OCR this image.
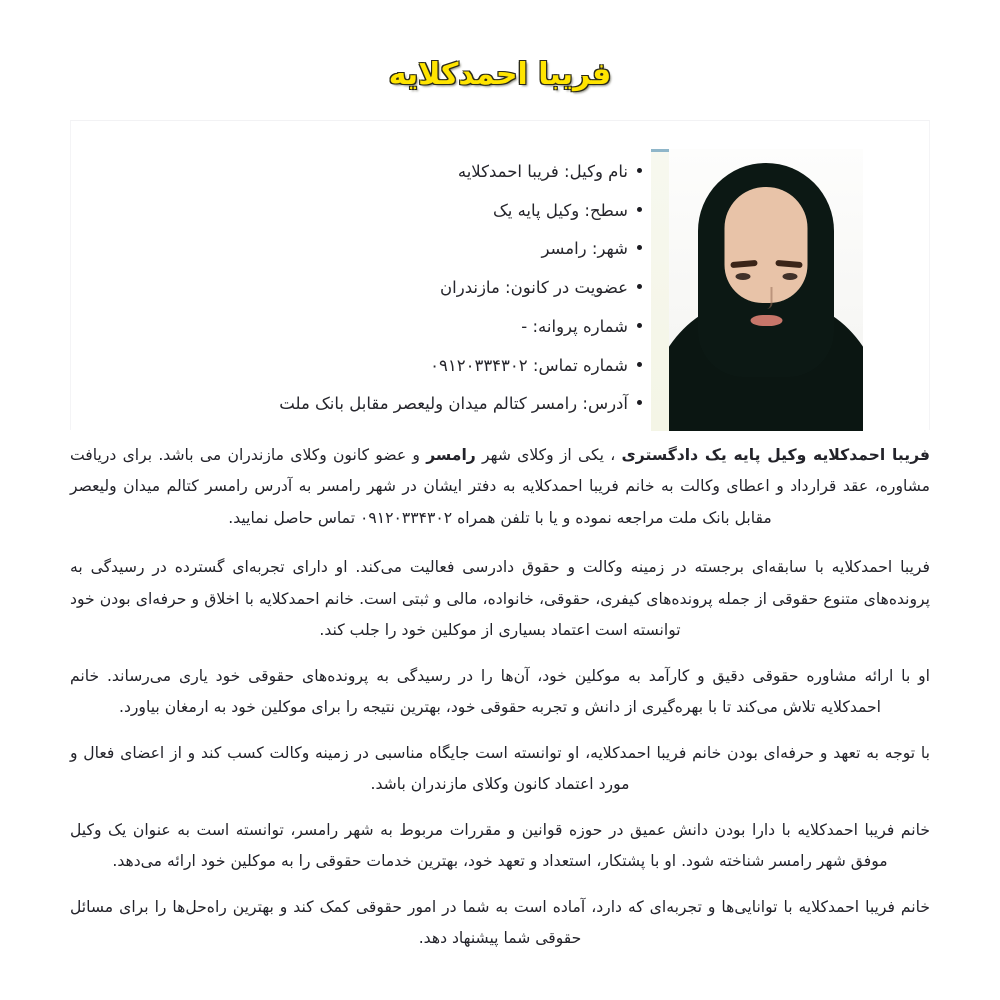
فریبا احمدکلایه
نام وکیل: فریبا احمدکلایه
سطح: وکیل پایه یک
شهر: رامسر
عضویت در کانون: مازندران
شماره پروانه: -
شماره تماس: ۰۹۱۲۰۳۳۴۳۰۲
آدرس: رامسر کتالم میدان ولیعصر مقابل بانک ملت

فریبا احمدکلایه وکیل پایه یک دادگستری ، یکی از وکلای شهر رامسر و عضو کانون وکلای مازندران می باشد. برای دریافت مشاوره، عقد قرارداد و اعطای وکالت به خانم فریبا احمدکلایه به دفتر ایشان در شهر رامسر به آدرس رامسر کتالم میدان ولیعصر مقابل بانک ملت مراجعه نموده و یا با تلفن همراه ۰۹۱۲۰۳۳۴۳۰۲ تماس حاصل نمایید.

فریبا احمدکلایه با سابقه‌ای برجسته در زمینه وکالت و حقوق دادرسی فعالیت می‌کند. او دارای تجربه‌ای گسترده در رسیدگی به پرونده‌های متنوع حقوقی از جمله پرونده‌های کیفری، حقوقی، خانواده، مالی و ثبتی است. خانم احمدکلایه با اخلاق و حرفه‌ای بودن خود توانسته است اعتماد بسیاری از موکلین خود را جلب کند.

او با ارائه مشاوره حقوقی دقیق و کارآمد به موکلین خود، آن‌ها را در رسیدگی به پرونده‌های حقوقی خود یاری می‌رساند. خانم احمدکلایه تلاش می‌کند تا با بهره‌گیری از دانش و تجربه حقوقی خود، بهترین نتیجه را برای موکلین خود به ارمغان بیاورد.

با توجه به تعهد و حرفه‌ای بودن خانم فریبا احمدکلایه، او توانسته است جایگاه مناسبی در زمینه وکالت کسب کند و از اعضای فعال و مورد اعتماد کانون وکلای مازندران باشد.

خانم فریبا احمدکلایه با دارا بودن دانش عمیق در حوزه قوانین و مقررات مربوط به شهر رامسر، توانسته است به عنوان یک وکیل موفق شهر رامسر شناخته شود. او با پشتکار، استعداد و تعهد خود، بهترین خدمات حقوقی را به موکلین خود ارائه می‌دهد.

خانم فریبا احمدکلایه با توانایی‌ها و تجربه‌ای که دارد، آماده است به شما در امور حقوقی کمک کند و بهترین راه‌حل‌ها را برای مسائل حقوقی شما پیشنهاد دهد.
